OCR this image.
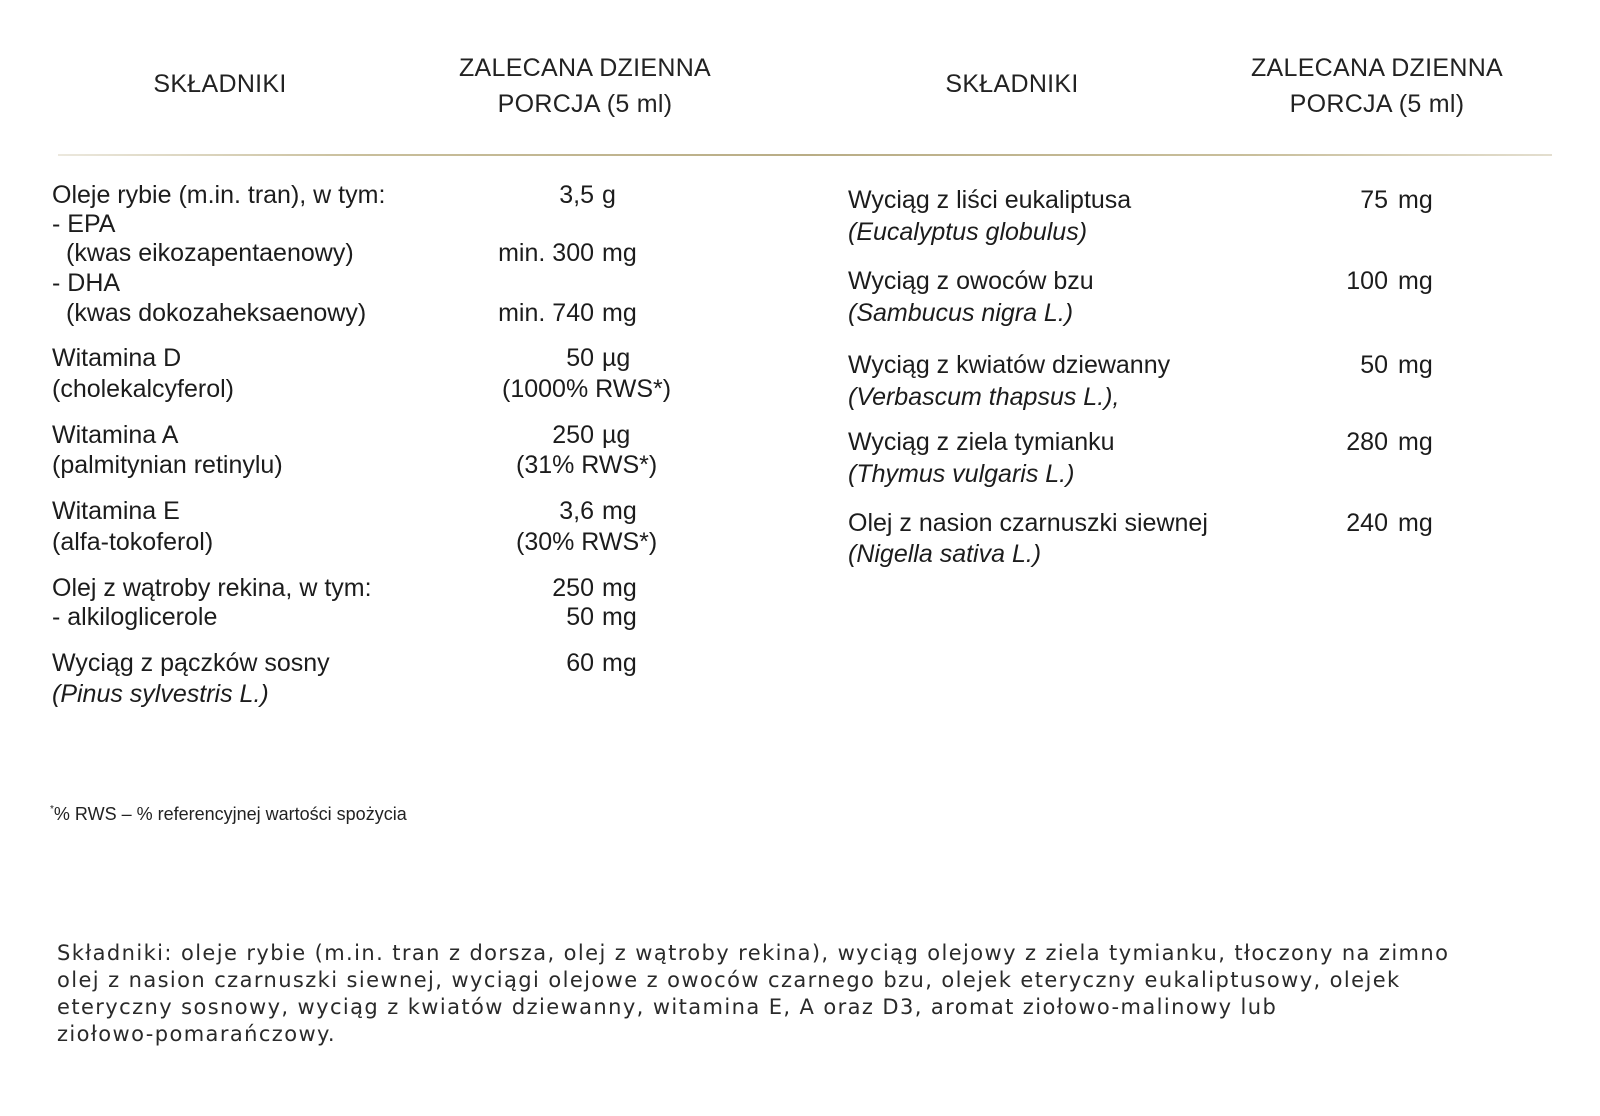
SKŁADNIKI
ZALECANA DZIENNA
PORCJA (5 ml)
SKŁADNIKI
ZALECANA DZIENNA
PORCJA (5 ml)
Oleje rybie (m.in. tran), w tym:
- EPA
(kwas eikozapentaenowy)
- DHA
(kwas dokozaheksaenowy)
3,5 g
min. 300 mg
min. 740 mg
Witamina D
(cholekalcyferol)
50 µg
(1000% RWS*)
Witamina A
(palmitynian retinylu)
250 µg
(31% RWS*)
Witamina E
(alfa-tokoferol)
3,6 mg
(30% RWS*)
Olej z wątroby rekina, w tym:
- alkiloglicerole
250 mg
50 mg
Wyciąg z pączków sosny
(Pinus sylvestris L.)
60 mg
Wyciąg z liści eukaliptusa
(Eucalyptus globulus)
75 mg
Wyciąg z owoców bzu
(Sambucus nigra L.)
100 mg
Wyciąg z kwiatów dziewanny
(Verbascum thapsus L.),
50 mg
Wyciąg z ziela tymianku
(Thymus vulgaris L.)
280 mg
Olej z nasion czarnuszki siewnej
(Nigella sativa L.)
240 mg
*% RWS – % referencyjnej wartości spożycia
Składniki: oleje rybie (m.in. tran z dorsza, olej z wątroby rekina), wyciąg olejowy z ziela tymianku, tłoczony na zimno
olej z nasion czarnuszki siewnej, wyciągi olejowe z owoców czarnego bzu, olejek eteryczny eukaliptusowy, olejek
eteryczny sosnowy, wyciąg z kwiatów dziewanny, witamina E, A oraz D3, aromat ziołowo-malinowy lub
ziołowo-pomarańczowy.
